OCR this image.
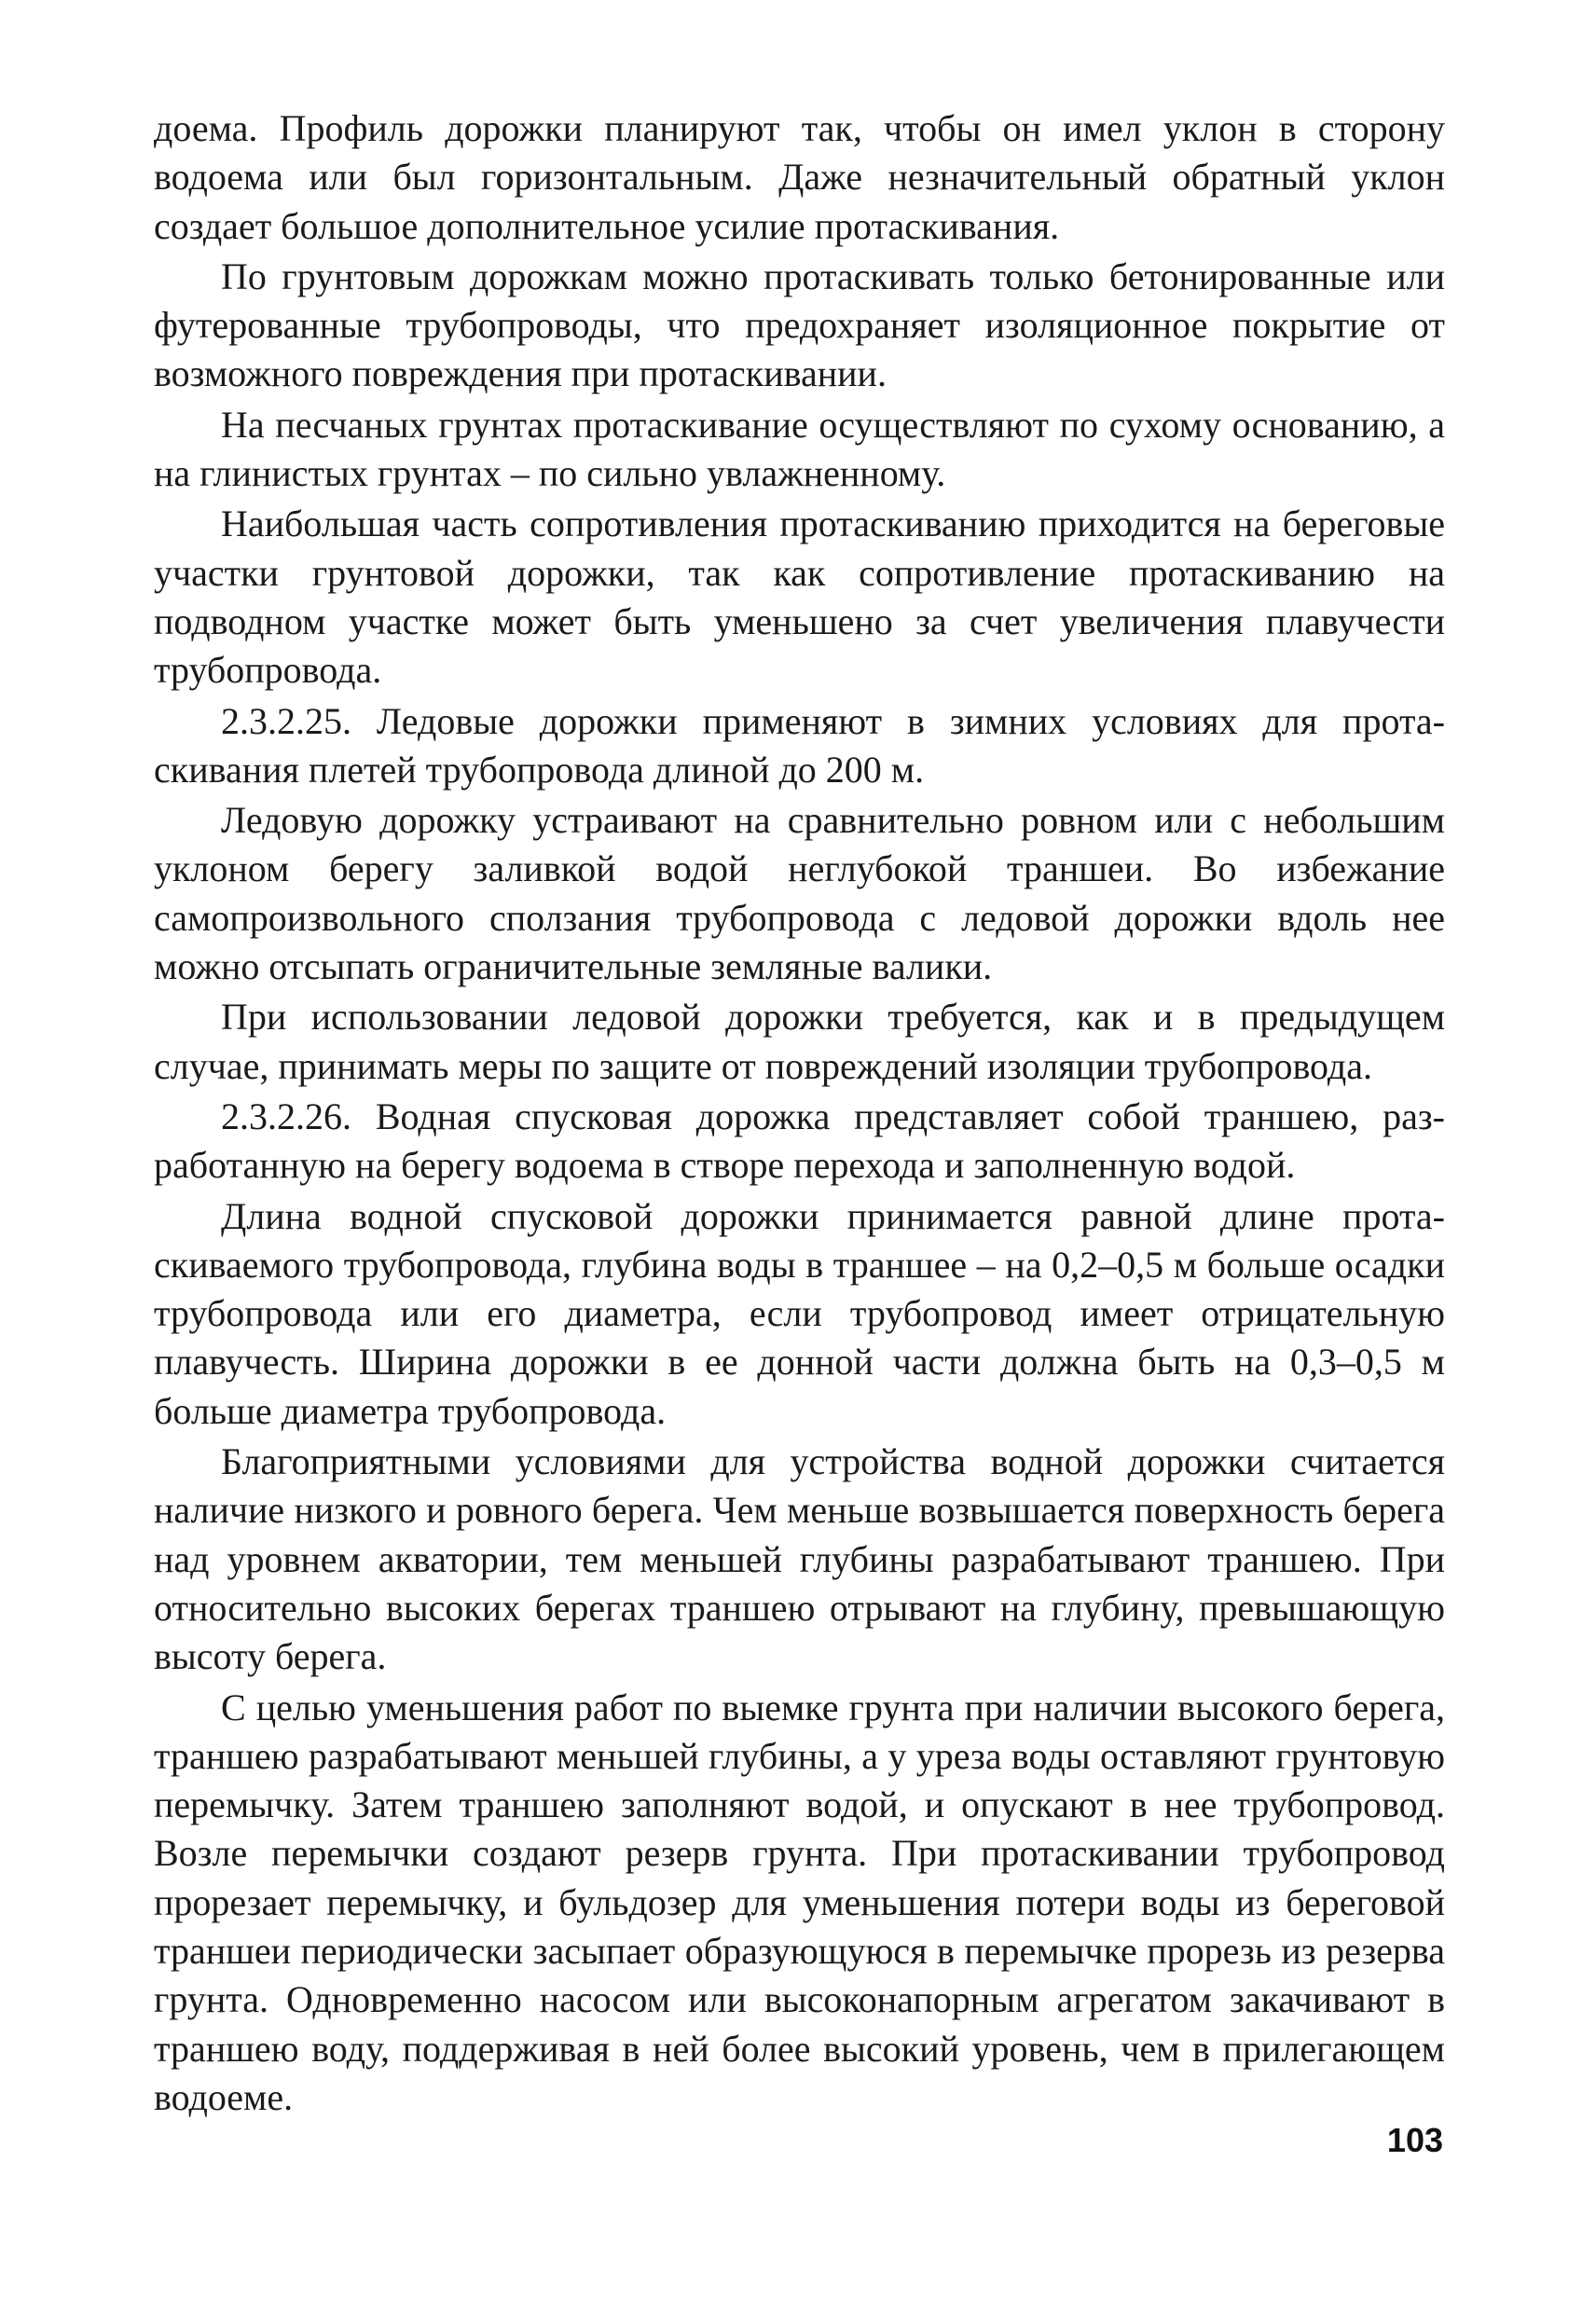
доема. Профиль дорожки планируют так, чтобы он имел уклон в сторону водоема или был горизонтальным. Даже незначительный обратный уклон создает большое дополнительное усилие протаскивания.

По грунтовым дорожкам можно протаскивать только бетонированные или футерованные трубопроводы, что предохраняет изоляционное покрытие от возможного повреждения при протаскивании.

На песчаных грунтах протаскивание осуществляют по сухому основанию, а на глинистых грунтах – по сильно увлажненному.

Наибольшая часть сопротивления протаскиванию приходится на береговые участки грунтовой дорожки, так как сопротивление протаскиванию на подводном участке может быть уменьшено за счет увеличения плавучести трубопровода.

2.3.2.25. Ледовые дорожки применяют в зимних условиях для протаскивания плетей трубопровода длиной до 200 м.

Ледовую дорожку устраивают на сравнительно ровном или с небольшим уклоном берегу заливкой водой неглубокой траншеи. Во избежание самопроизвольного сползания трубопровода с ледовой дорожки вдоль нее можно отсыпать ограничительные земляные валики.

При использовании ледовой дорожки требуется, как и в предыдущем случае, принимать меры по защите от повреждений изоляции трубопровода.

2.3.2.26. Водная спусковая дорожка представляет собой траншею, разработанную на берегу водоема в створе перехода и заполненную водой.

Длина водной спусковой дорожки принимается равной длине протаскиваемого трубопровода, глубина воды в траншее – на 0,2–0,5 м больше осадки трубопровода или его диаметра, если трубопровод имеет отрицательную плавучесть. Ширина дорожки в ее донной части должна быть на 0,3–0,5 м больше диаметра трубопровода.

Благоприятными условиями для устройства водной дорожки считается наличие низкого и ровного берега. Чем меньше возвышается поверхность берега над уровнем акватории, тем меньшей глубины разрабатывают траншею. При относительно высоких берегах траншею отрывают на глубину, превышающую высоту берега.

С целью уменьшения работ по выемке грунта при наличии высокого берега, траншею разрабатывают меньшей глубины, а у уреза воды оставляют грунтовую перемычку. Затем траншею заполняют водой, и опускают в нее трубопровод. Возле перемычки создают резерв грунта. При протаскивании трубопровод прорезает перемычку, и бульдозер для уменьшения потери воды из береговой траншеи периодически засыпает образующуюся в перемычке прорезь из резерва грунта. Одновременно насосом или высоконапорным агрегатом закачивают в траншею воду, поддерживая в ней более высокий уровень, чем в прилегающем водоеме.

103
